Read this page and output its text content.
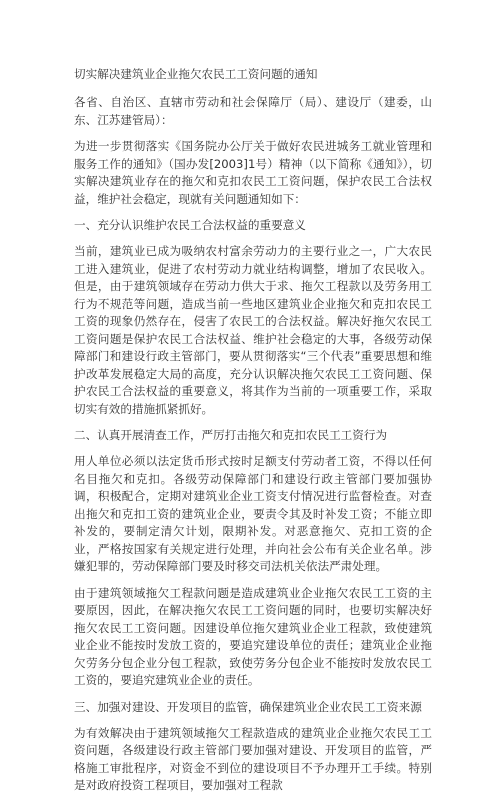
切实解决建筑业企业拖欠农民工工资问题的通知

各省、自治区、直辖市劳动和社会保障厅（局）、建设厅（建委，山东、江苏建管局）：

为进一步贯彻落实《国务院办公厅关于做好农民进城务工就业管理和服务工作的通知》（国办发[2003]1号）精神（以下简称《通知》），切实解决建筑业存在的拖欠和克扣农民工工资问题，保护农民工合法权益，维护社会稳定，现就有关问题通知如下：

一、充分认识维护农民工合法权益的重要意义

当前，建筑业已成为吸纳农村富余劳动力的主要行业之一，广大农民工进入建筑业，促进了农村劳动力就业结构调整，增加了农民收入。但是，由于建筑领域存在劳动力供大于求、拖欠工程款以及劳务用工行为不规范等问题，造成当前一些地区建筑业企业拖欠和克扣农民工工资的现象仍然存在，侵害了农民工的合法权益。解决好拖欠农民工工资问题是保护农民工合法权益、维护社会稳定的大事，各级劳动保障部门和建设行政主管部门，要从贯彻落实“三个代表”重要思想和维护改革发展稳定大局的高度，充分认识解决拖欠农民工工资问题、保护农民工合法权益的重要意义，将其作为当前的一项重要工作，采取切实有效的措施抓紧抓好。

二、认真开展清查工作，严厉打击拖欠和克扣农民工工资行为

用人单位必须以法定货币形式按时足额支付劳动者工资，不得以任何名目拖欠和克扣。各级劳动保障部门和建设行政主管部门要加强协调，积极配合，定期对建筑业企业工资支付情况进行监督检查。对查出拖欠和克扣工资的建筑业企业，要责令其及时补发工资；不能立即补发的，要制定清欠计划，限期补发。对恶意拖欠、克扣工资的企业，严格按国家有关规定进行处理，并向社会公布有关企业名单。涉嫌犯罪的，劳动保障部门要及时移交司法机关依法严肃处理。

由于建筑领域拖欠工程款问题是造成建筑业企业拖欠农民工工资的主要原因，因此，在解决拖欠农民工工资问题的同时，也要切实解决好拖欠农民工工资问题。因建设单位拖欠建筑业企业工程款，致使建筑业企业不能按时发放工资的，要追究建设单位的责任；建筑业企业拖欠劳务分包企业分包工程款，致使劳务分包企业不能按时发放农民工工资的，要追究建筑业企业的责任。

三、加强对建设、开发项目的监管，确保建筑业企业农民工工资来源

为有效解决由于建筑领域拖欠工程款造成的建筑业企业拖欠农民工工资问题，各级建设行政主管部门要加强对建设、开发项目的监管，严格施工审批程序，对资金不到位的建设项目不予办理开工手续。特别是对政府投资工程项目，要加强对工程款
